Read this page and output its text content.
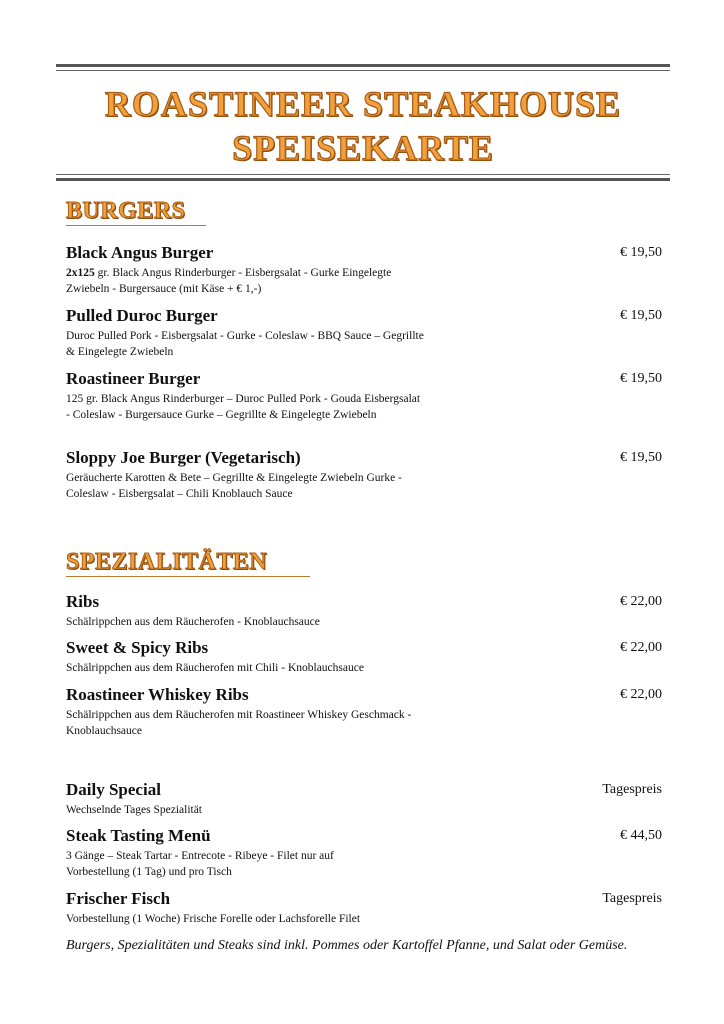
ROASTINEER STEAKHOUSE
SPEISEKARTE
BURGERS
Black Angus Burger
2x125 gr. Black Angus Rinderburger - Eisbergsalat - Gurke Eingelegte Zwiebeln - Burgersauce (mit Käse + € 1,-)
€ 19,50
Pulled Duroc Burger
Duroc Pulled Pork - Eisbergsalat - Gurke - Coleslaw - BBQ Sauce – Gegrillte & Eingelegte Zwiebeln
€ 19,50
Roastineer Burger
125 gr. Black Angus Rinderburger – Duroc Pulled Pork - Gouda Eisbergsalat - Coleslaw - Burgersauce Gurke – Gegrillte & Eingelegte Zwiebeln
€ 19,50
Sloppy Joe Burger (Vegetarisch)
Geräucherte Karotten & Bete – Gegrillte & Eingelegte Zwiebeln Gurke - Coleslaw - Eisbergsalat – Chili Knoblauch Sauce
€ 19,50
SPEZIALITÄTEN
Ribs
Schälrippchen aus dem Räucherofen - Knoblauchsauce
€ 22,00
Sweet & Spicy Ribs
Schälrippchen aus dem Räucherofen mit Chili - Knoblauchsauce
€ 22,00
Roastineer Whiskey Ribs
Schälrippchen aus dem Räucherofen mit Roastineer Whiskey Geschmack - Knoblauchsauce
€ 22,00
Daily Special
Wechselnde Tages Spezialität
Tagespreis
Steak Tasting Menü
3 Gänge – Steak Tartar - Entrecote - Ribeye - Filet nur auf Vorbestellung (1 Tag) und pro Tisch
€ 44,50
Frischer Fisch
Vorbestellung (1 Woche) Frische Forelle oder Lachsforelle Filet
Tagespreis
Burgers, Spezialitäten und Steaks sind inkl. Pommes oder Kartoffel Pfanne, und Salat oder Gemüse.
